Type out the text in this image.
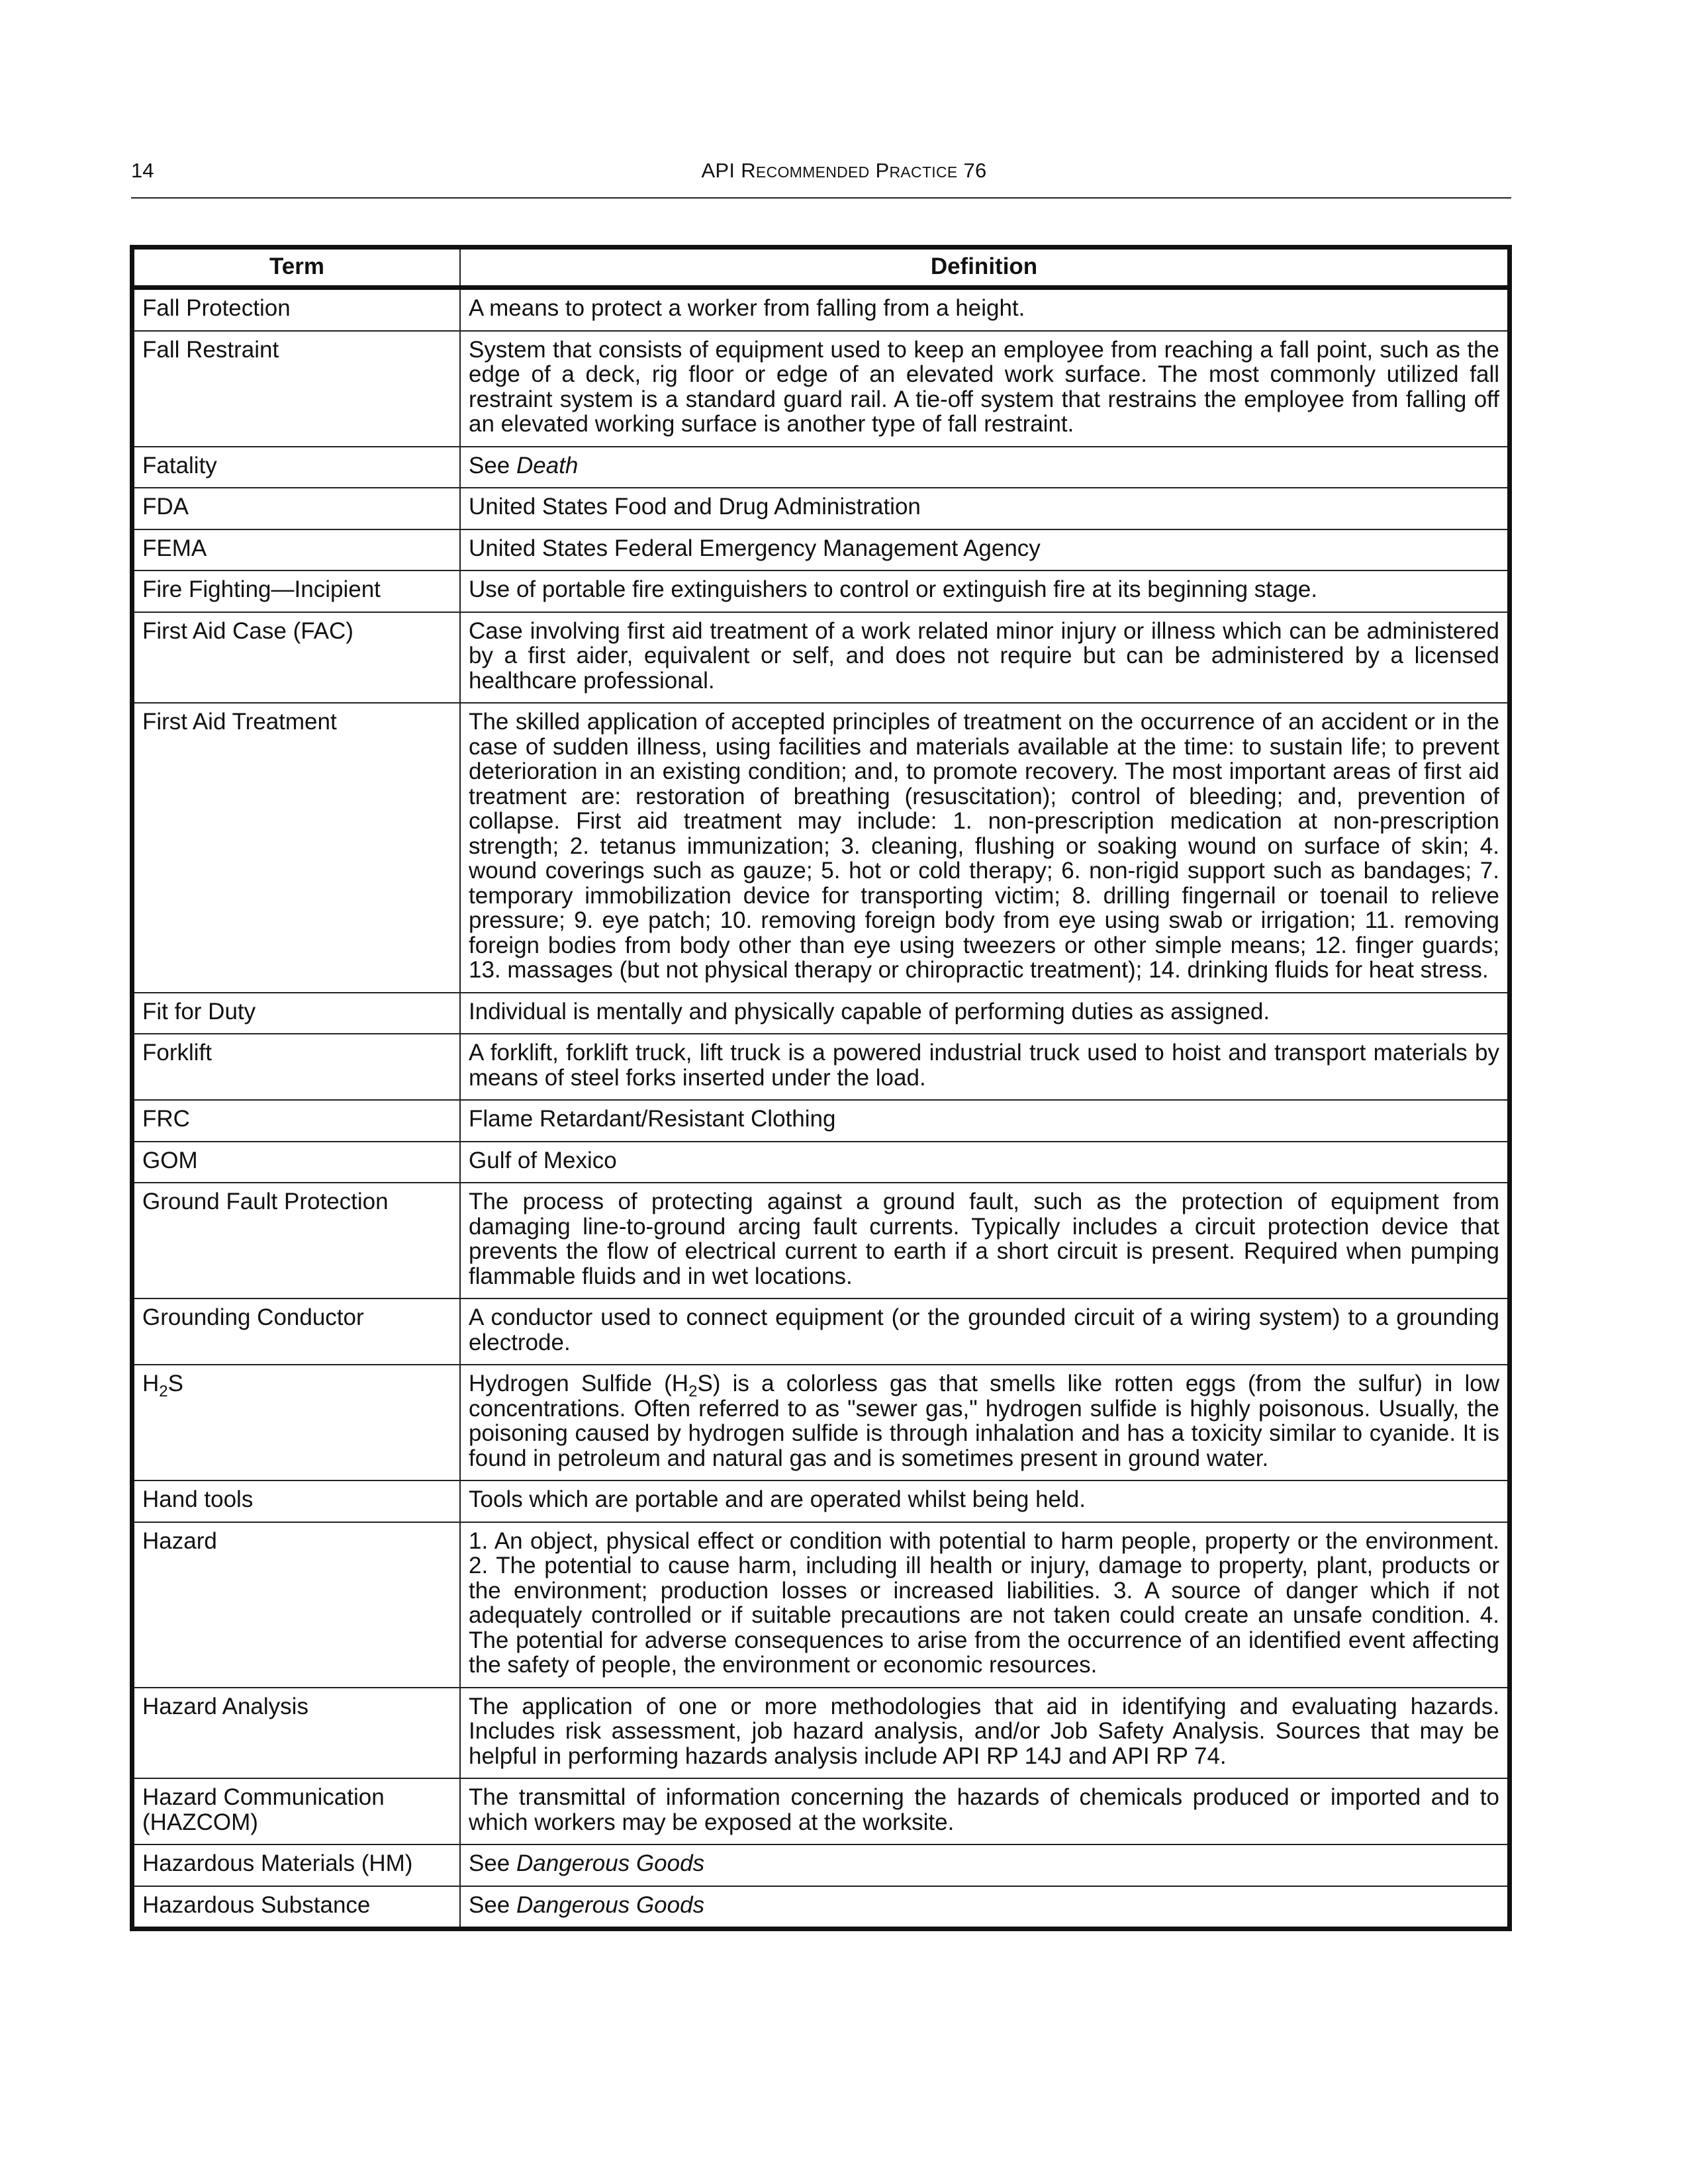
14	API RECOMMENDED PRACTICE 76
Term	Definition
Fall Protection	A means to protect a worker from falling from a height.
Fall Restraint	System that consists of equipment used to keep an employee from reaching a fall point, such as the edge of a deck, rig floor or edge of an elevated work surface. The most commonly utilized fall restraint system is a standard guard rail. A tie-off system that restrains the employee from falling off an elevated working surface is another type of fall restraint.
Fatality	See Death
FDA	United States Food and Drug Administration
FEMA	United States Federal Emergency Management Agency
Fire Fighting—Incipient	Use of portable fire extinguishers to control or extinguish fire at its beginning stage.
First Aid Case (FAC)	Case involving first aid treatment of a work related minor injury or illness which can be administered by a first aider, equivalent or self, and does not require but can be administered by a licensed healthcare professional.
First Aid Treatment	The skilled application of accepted principles of treatment on the occurrence of an accident or in the case of sudden illness, using facilities and materials available at the time: to sustain life; to prevent deterioration in an existing condition; and, to promote recovery. The most important areas of first aid treatment are: restoration of breathing (resuscitation); control of bleeding; and, prevention of collapse. First aid treatment may include: 1. non-prescription medication at non-prescription strength; 2. tetanus immunization; 3. cleaning, flushing or soaking wound on surface of skin; 4. wound coverings such as gauze; 5. hot or cold therapy; 6. non-rigid support such as bandages; 7. temporary immobilization device for transporting victim; 8. drilling fingernail or toenail to relieve pressure; 9. eye patch; 10. removing foreign body from eye using swab or irrigation; 11. removing foreign bodies from body other than eye using tweezers or other simple means; 12. finger guards; 13. massages (but not physical therapy or chiropractic treatment); 14. drinking fluids for heat stress.
Fit for Duty	Individual is mentally and physically capable of performing duties as assigned.
Forklift	A forklift, forklift truck, lift truck is a powered industrial truck used to hoist and transport materials by means of steel forks inserted under the load.
FRC	Flame Retardant/Resistant Clothing
GOM	Gulf of Mexico
Ground Fault Protection	The process of protecting against a ground fault, such as the protection of equipment from damaging line-to-ground arcing fault currents. Typically includes a circuit protection device that prevents the flow of electrical current to earth if a short circuit is present. Required when pumping flammable fluids and in wet locations.
Grounding Conductor	A conductor used to connect equipment (or the grounded circuit of a wiring system) to a grounding electrode.
$H_2S$	Hydrogen Sulfide $(H_2S)$ is a colorless gas that smells like rotten eggs (from the sulfur) in low concentrations. Often referred to as "sewer gas," hydrogen sulfide is highly poisonous. Usually, the poisoning caused by hydrogen sulfide is through inhalation and has a toxicity similar to cyanide. It is found in petroleum and natural gas and is sometimes present in ground water.
Hand tools	Tools which are portable and are operated whilst being held.
Hazard	1. An object, physical effect or condition with potential to harm people, property or the environment. 2. The potential to cause harm, including ill health or injury, damage to property, plant, products or the environment; production losses or increased liabilities. 3. A source of danger which if not adequately controlled or if suitable precautions are not taken could create an unsafe condition. 4. The potential for adverse consequences to arise from the occurrence of an identified event affecting the safety of people, the environment or economic resources.
Hazard Analysis	The application of one or more methodologies that aid in identifying and evaluating hazards. Includes risk assessment, job hazard analysis, and/or Job Safety Analysis. Sources that may be helpful in performing hazards analysis include API RP 14J and API RP 74.
Hazard Communication (HAZCOM)	The transmittal of information concerning the hazards of chemicals produced or imported and to which workers may be exposed at the worksite.
Hazardous Materials (HM)	See Dangerous Goods
Hazardous Substance	See Dangerous Goods
